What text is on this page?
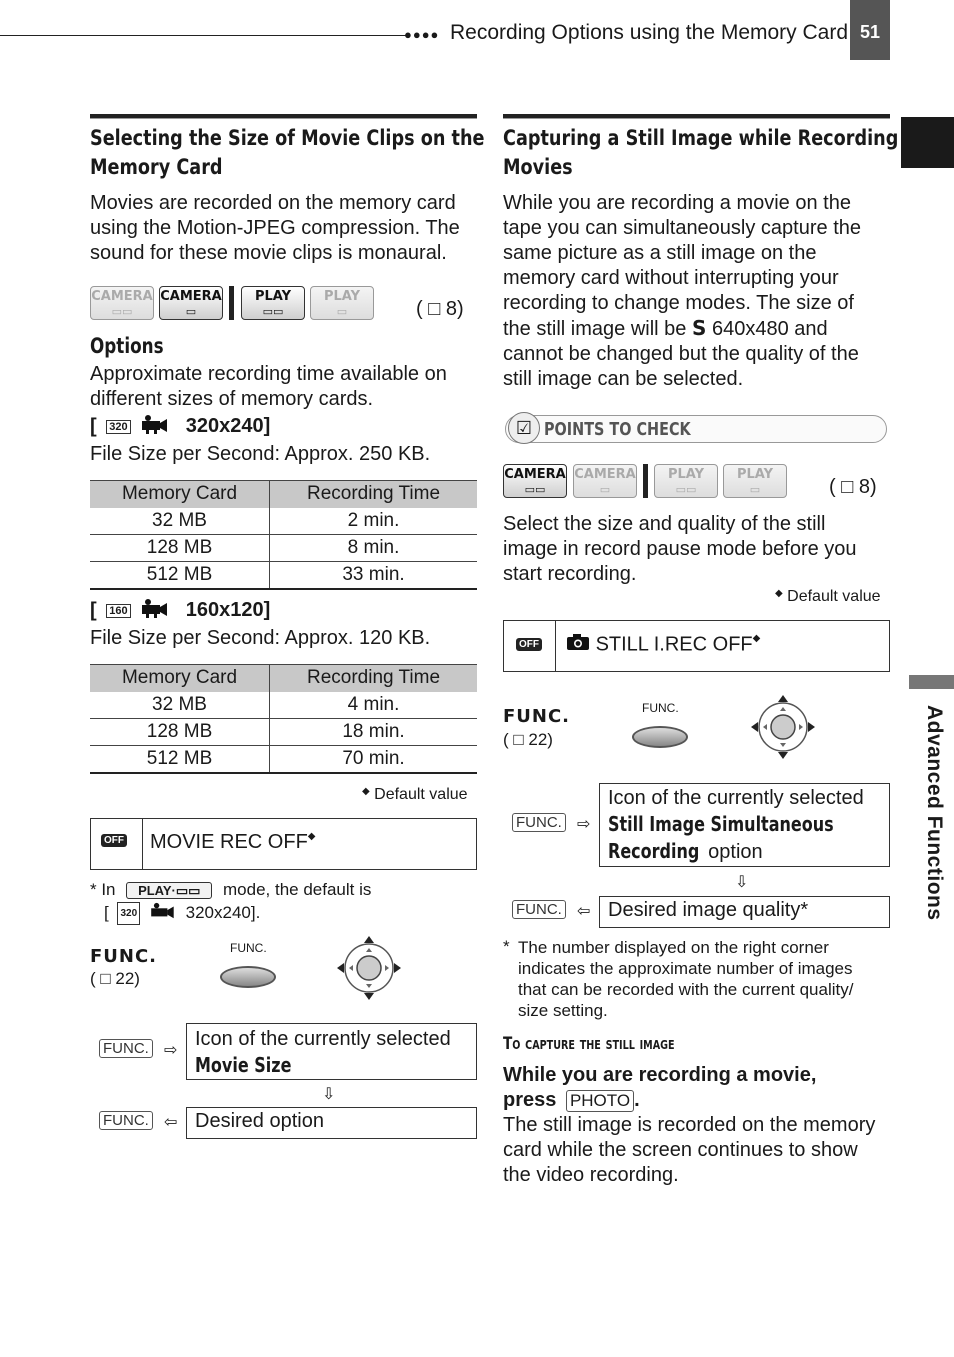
●●●● Recording Options using the Memory Card 51
Advanced Functions
Selecting the Size of Movie Clips on the
Memory Card
Movies are recorded on the memory card
using the Motion-JPEG compression. The
sound for these movie clips is monaural.
CAMERA
▭▭
CAMERA
▭
PLAY
▭▭
PLAY
▭	( □ 8)
Options
Approximate recording time available on
different sizes of memory cards.
[ 320	320x240]
File Size per Second: Approx. 250 KB.
Memory Card	Recording Time
32 MB	2 min.
128 MB	8 min.
512 MB	33 min.
[ 160	160x120]
File Size per Second: Approx. 120 KB.
Memory Card	Recording Time
32 MB	4 min.
128 MB	18 min.
512 MB	70 min.
◆ Default value
OFF MOVIE REC OFF◆
* In PLAY·▭▭ mode, the default is
[ 320	320x240].
FUNC.
( □ 22)
FUNC.
FUNC. ⇨
Icon of the currently selected
Movie Size
⇩
FUNC. ⇦ Desired option
Capturing a Still Image while Recording
Movies
While you are recording a movie on the
tape you can simultaneously capture the
same picture as a still image on the
memory card without interrupting your
recording to change modes. The size of
the still image will be S 640x480 and
cannot be changed but the quality of the
still image can be selected.
☑ POINTS TO CHECK
CAMERA
▭▭
CAMERA
▭
PLAY
▭▭
PLAY
▭	( □ 8)
Select the size and quality of the still
image in record pause mode before you
start recording.
◆ Default value
OFF	STILL I.REC OFF◆
FUNC.
( □ 22)
FUNC.
FUNC. ⇨
Icon of the currently selected
Still Image Simultaneous
Recording option
⇩
FUNC. ⇦ Desired image quality*
* The number displayed on the right corner
indicates the approximate number of images
that can be recorded with the current quality/
size setting.
To capture the still image
While you are recording a movie,
press PHOTO .
The still image is recorded on the memory
card while the screen continues to show
the video recording.
